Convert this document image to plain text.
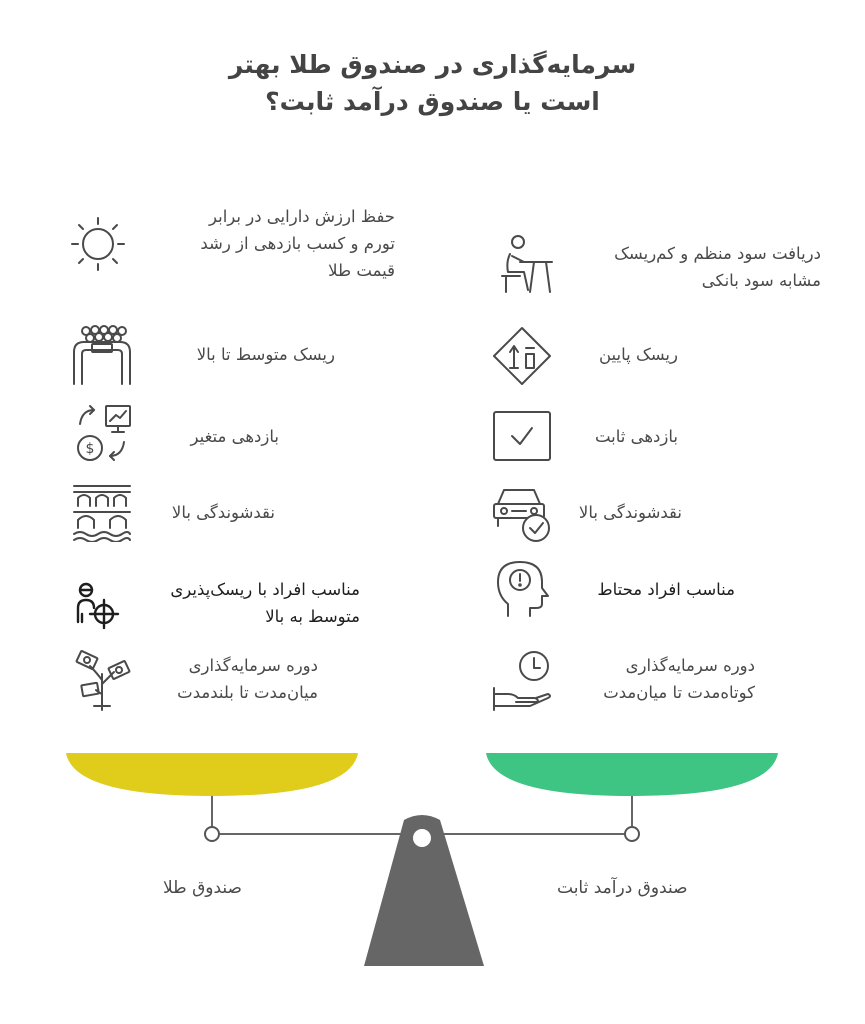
سرمایه‌گذاری در صندوق طلا بهتر
است یا صندوق درآمد ثابت؟
حفظ ارزش دارایی در برابر
تورم و کسب بازدهی از رشد
قیمت طلا
ریسک متوسط تا بالا
$
بازدهی متغیر
نقدشوندگی بالا
مناسب افراد با ریسک‌پذیری
متوسط به بالا
دوره سرمایه‌گذاری
میان‌مدت تا بلندمدت
دریافت سود منظم و کم‌ریسک
مشابه سود بانکی
ریسک پایین
بازدهی ثابت
نقدشوندگی بالا
مناسب افراد محتاط
دوره سرمایه‌گذاری
کوتاه‌مدت تا میان‌مدت
صندوق طلا	صندوق درآمد ثابت
